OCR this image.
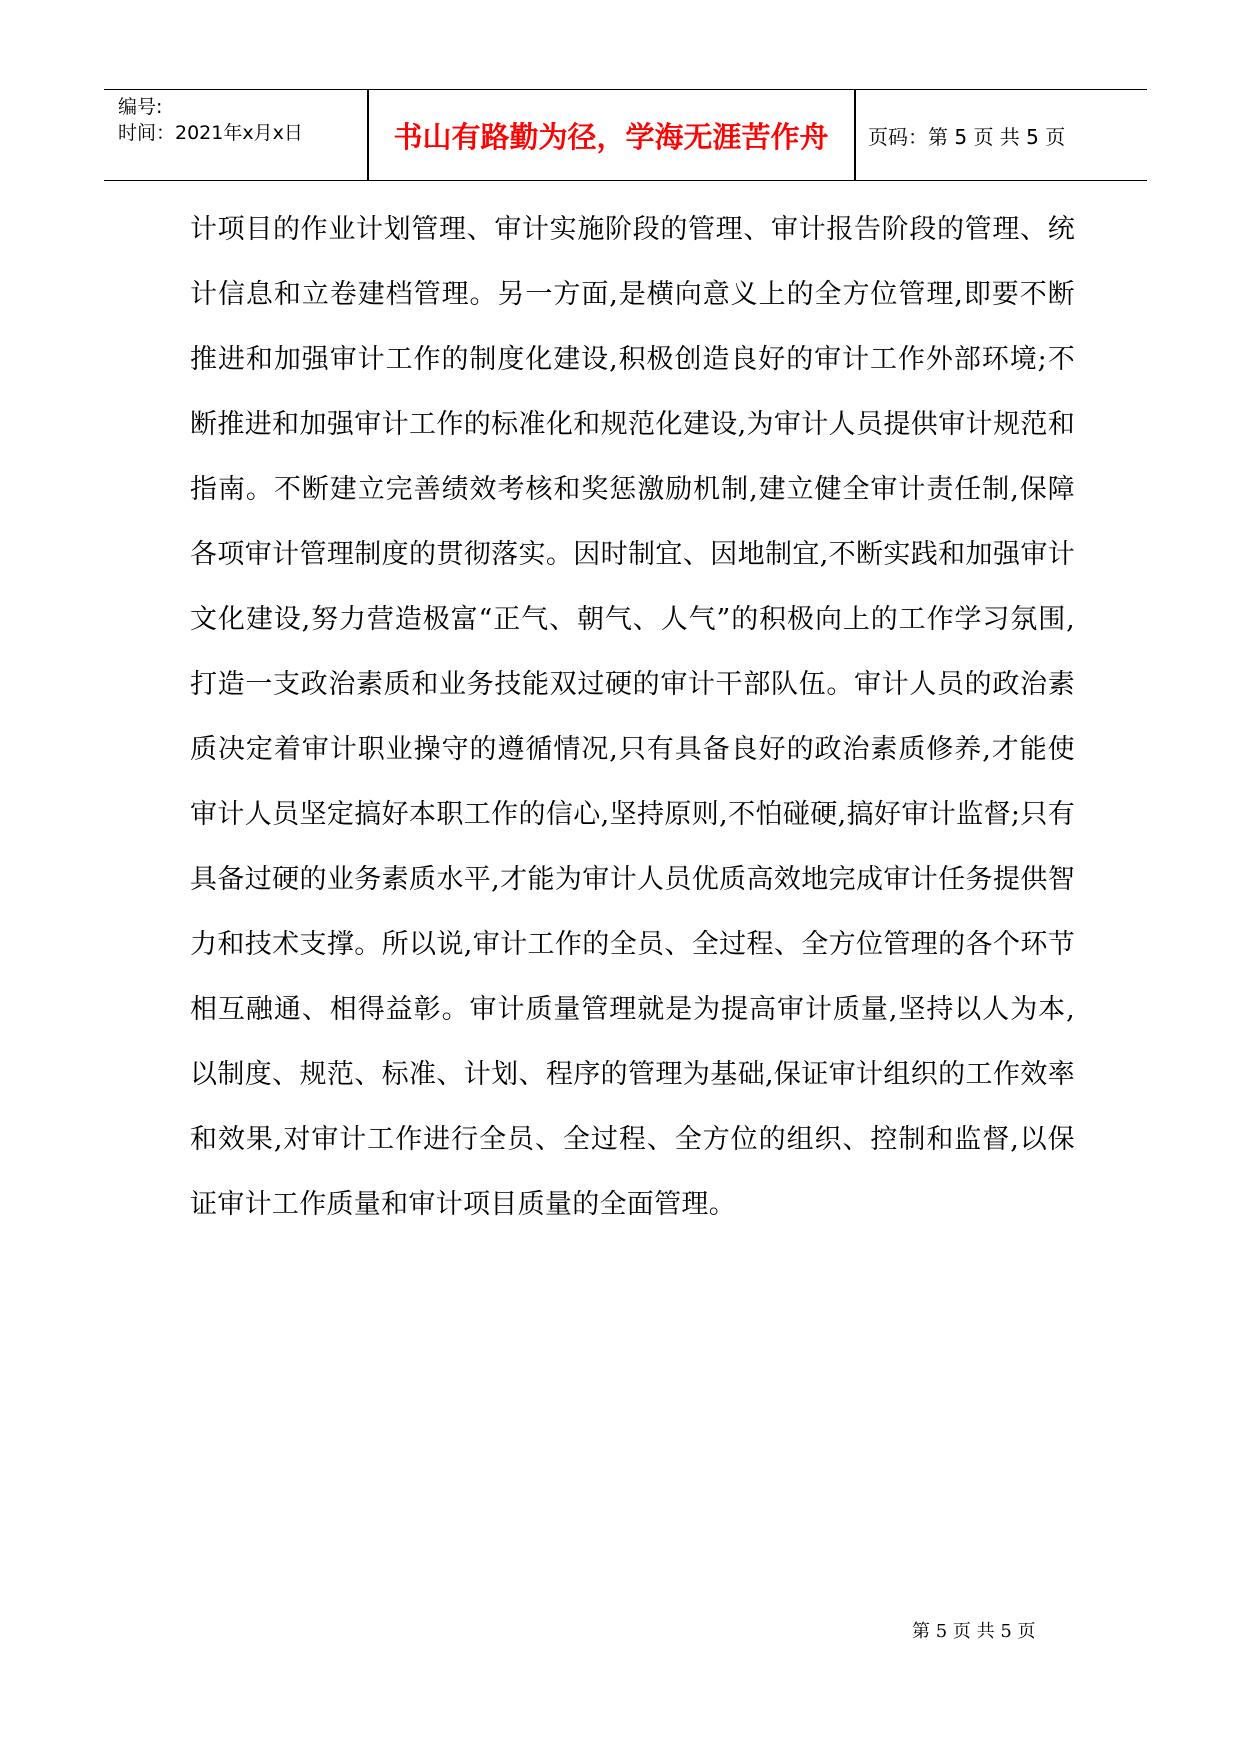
编号:
时间：2021年x月x日	书山有路勤为径，学海无涯苦作舟	页码：第 5 页 共 5 页
计项目的作业计划管理、审计实施阶段的管理、审计报告阶段的管理、统计信息和立卷建档管理。另一方面,是横向意义上的全方位管理,即要不断推进和加强审计工作的制度化建设,积极创造良好的审计工作外部环境;不断推进和加强审计工作的标准化和规范化建设,为审计人员提供审计规范和指南。不断建立完善绩效考核和奖惩激励机制,建立健全审计责任制,保障各项审计管理制度的贯彻落实。因时制宜、因地制宜,不断实践和加强审计文化建设,努力营造极富“正气、朝气、人气”的积极向上的工作学习氛围,打造一支政治素质和业务技能双过硬的审计干部队伍。审计人员的政治素质决定着审计职业操守的遵循情况,只有具备良好的政治素质修养,才能使审计人员坚定搞好本职工作的信心,坚持原则,不怕碰硬,搞好审计监督;只有具备过硬的业务素质水平,才能为审计人员优质高效地完成审计任务提供智力和技术支撑。所以说,审计工作的全员、全过程、全方位管理的各个环节相互融通、相得益彰。审计质量管理就是为提高审计质量,坚持以人为本,以制度、规范、标准、计划、程序的管理为基础,保证审计组织的工作效率和效果,对审计工作进行全员、全过程、全方位的组织、控制和监督,以保证审计工作质量和审计项目质量的全面管理。
第 5 页 共 5 页
